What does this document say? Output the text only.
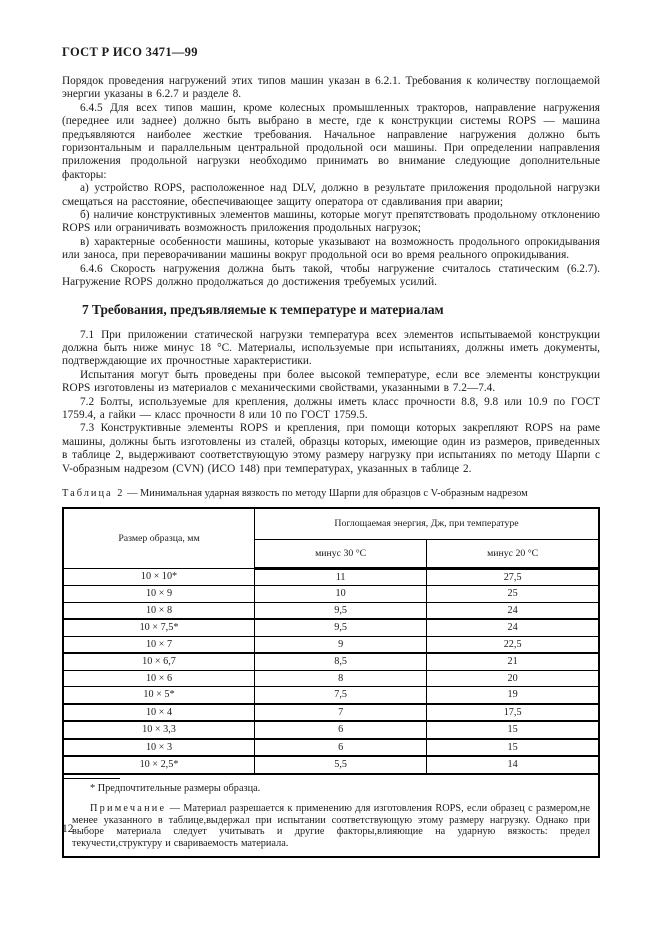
ГОСТ Р ИСО 3471—99

Порядок проведения нагружений этих типов машин указан в 6.2.1. Требования к количеству поглощаемой энергии указаны в 6.2.7 и разделе 8.

6.4.5 Для всех типов машин, кроме колесных промышленных тракторов, направление нагружения (переднее или заднее) должно быть выбрано в месте, где к конструкции системы ROPS — машина предъявляются наиболее жесткие требования. Начальное направление нагружения должно быть горизонтальным и параллельным центральной продольной оси машины. При определении направления приложения продольной нагрузки необходимо принимать во внимание следующие дополнительные факторы:

а) устройство ROPS, расположенное над DLV, должно в результате приложения продольной нагрузки смещаться на расстояние, обеспечивающее защиту оператора от сдавливания при аварии;

б) наличие конструктивных элементов машины, которые могут препятствовать продольному отклонению ROPS или ограничивать возможность приложения продольных нагрузок;

в) характерные особенности машины, которые указывают на возможность продольного опрокидывания или заноса, при переворачивании машины вокруг продольной оси во время реального опрокидывания.

6.4.6 Скорость нагружения должна быть такой, чтобы нагружение считалось статическим (6.2.7). Нагружение ROPS должно продолжаться до достижения требуемых усилий.

7 Требования, предъявляемые к температуре и материалам

7.1 При приложении статической нагрузки температура всех элементов испытываемой конструкции должна быть ниже минус 18 °С. Материалы, используемые при испытаниях, должны иметь документы, подтверждающие их прочностные характеристики.

Испытания могут быть проведены при более высокой температуре, если все элементы конструкции ROPS изготовлены из материалов с механическими свойствами, указанными в 7.2—7.4.

7.2 Болты, используемые для крепления, должны иметь класс прочности 8.8, 9.8 или 10.9 по ГОСТ 1759.4, а гайки — класс прочности 8 или 10 по ГОСТ 1759.5.

7.3 Конструктивные элементы ROPS и крепления, при помощи которых закрепляют ROPS на раме машины, должны быть изготовлены из сталей, образцы которых, имеющие один из размеров, приведенных в таблице 2, выдерживают соответствующую этому размеру нагрузку при испытаниях по методу Шарпи с V-образным надрезом (CVN) (ИСО 148) при температурах, указанных в таблице 2.

Таблица 2 — Минимальная ударная вязкость по методу Шарпи для образцов с V-образным надрезом

Размер образца, мм	Поглощаемая энергия, Дж, при температуре	
	минус 30 °С	минус 20 °С
10 × 10*	11	27,5
10 × 9	10	25
10 × 8	9,5	24
10 × 7,5*	9,5	24
10 × 7	9	22,5
10 × 6,7	8,5	21
10 × 6	8	20
10 × 5*	7,5	19
10 × 4	7	17,5
10 × 3,3	6	15
10 × 3	6	15
10 × 2,5*	5,5	14

* Предпочтительные размеры образца.

Примечание — Материал разрешается к применению для изготовления ROPS, если образец с размером,не менее указанного в таблице,выдержал при испытании соответствующую этому размеру нагрузку. Однако при выборе материала следует учитывать и другие факторы,влияющие на ударную вязкость: предел текучести,структуру и свариваемость материала.		

12
